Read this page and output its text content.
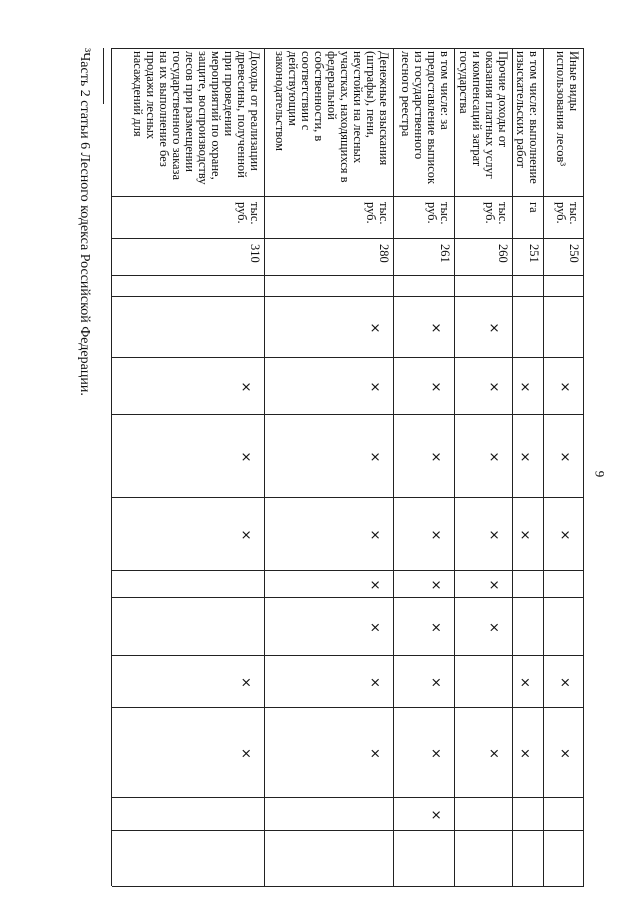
9
Иные виды
использования лесов³
тыс.
руб.
250
×
×
×
×
×
в том числе: выполнение
изыскательских работ
га
251
×
×
×
×
×
Прочие доходы от
оказания платных услуг
и компенсаций затрат
государства
тыс.
руб.
260
×
×
×
×
×
×
×
в том числе: за
предоставление выписок
из государственного
лесного реестра
тыс.
руб.
261
×
×
×
×
×
×
×
×
×
Денежные взыскания
(штрафы), пени,
неустойки на лесных
участках, находящихся в
федеральной
собственности, в
соответствии с
действующим
законодательством
тыс.
руб.
280
×
×
×
×
×
×
×
×
Доходы от реализации
древесины, полученной
при проведении
мероприятий по охране,
защите, воспроизводству
лесов при размещении
государственного заказа
на их выполнение без
продажи лесных
насаждений для
тыс.
руб.
310
×
×
×
×
×
³Часть 2 статьи 6 Лесного кодекса Российской Федерации.
